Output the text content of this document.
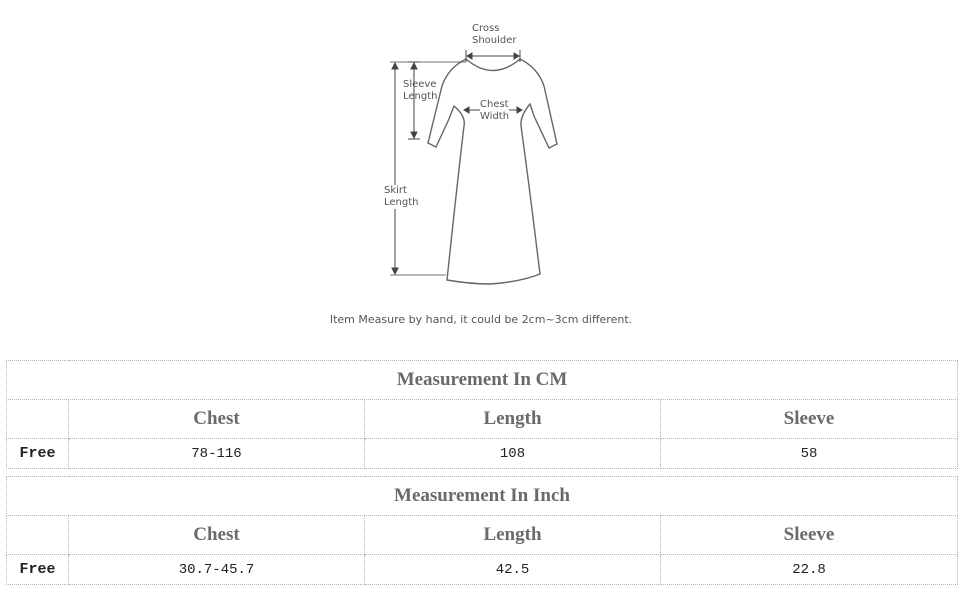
Cross
Shoulder
Sleeve
Length
Chest
Width
Skirt
Length
Item Measure by hand, it could be 2cm~3cm different.
Measurement In CM			
	Chest	Length	Sleeve
Free	78-116	108	58
Measurement In Inch			
	Chest	Length	Sleeve
Free	30.7-45.7	42.5	22.8
